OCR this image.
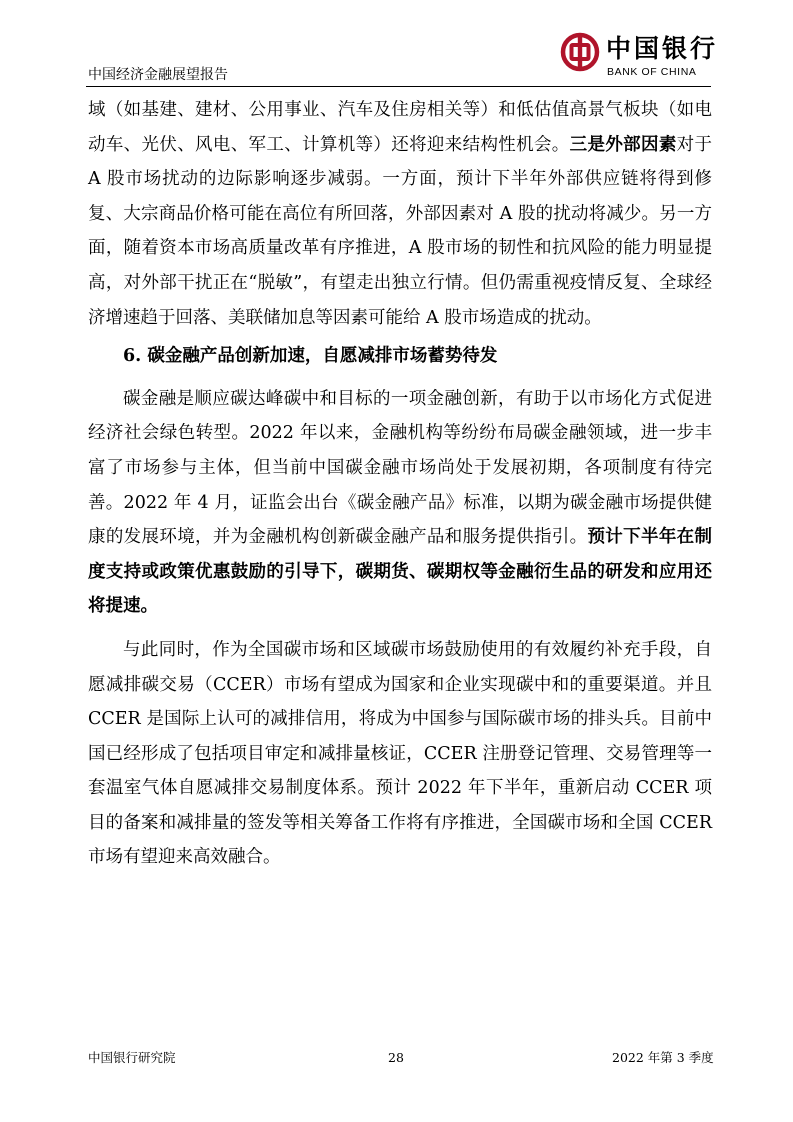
中国银行
BANK OF CHINA
中国经济金融展望报告

域（如基建、建材、公用事业、汽车及住房相关等）和低估值高景气板块（如电动车、光伏、风电、军工、计算机等）还将迎来结构性机会。三是外部因素对于 A 股市场扰动的边际影响逐步减弱。一方面，预计下半年外部供应链将得到修复、大宗商品价格可能在高位有所回落，外部因素对 A 股的扰动将减少。另一方面，随着资本市场高质量改革有序推进，A 股市场的韧性和抗风险的能力明显提高，对外部干扰正在“脱敏”，有望走出独立行情。但仍需重视疫情反复、全球经济增速趋于回落、美联储加息等因素可能给 A 股市场造成的扰动。

6. 碳金融产品创新加速，自愿减排市场蓄势待发

碳金融是顺应碳达峰碳中和目标的一项金融创新，有助于以市场化方式促进经济社会绿色转型。2022 年以来，金融机构等纷纷布局碳金融领域，进一步丰富了市场参与主体，但当前中国碳金融市场尚处于发展初期，各项制度有待完善。2022 年 4 月，证监会出台《碳金融产品》标准，以期为碳金融市场提供健康的发展环境，并为金融机构创新碳金融产品和服务提供指引。预计下半年在制度支持或政策优惠鼓励的引导下，碳期货、碳期权等金融衍生品的研发和应用还将提速。

与此同时，作为全国碳市场和区域碳市场鼓励使用的有效履约补充手段，自愿减排碳交易（CCER）市场有望成为国家和企业实现碳中和的重要渠道。并且 CCER 是国际上认可的减排信用，将成为中国参与国际碳市场的排头兵。目前中国已经形成了包括项目审定和减排量核证，CCER 注册登记管理、交易管理等一套温室气体自愿减排交易制度体系。预计 2022 年下半年，重新启动 CCER 项目的备案和减排量的签发等相关筹备工作将有序推进，全国碳市场和全国 CCER 市场有望迎来高效融合。

中国银行研究院	28	2022 年第 3 季度
